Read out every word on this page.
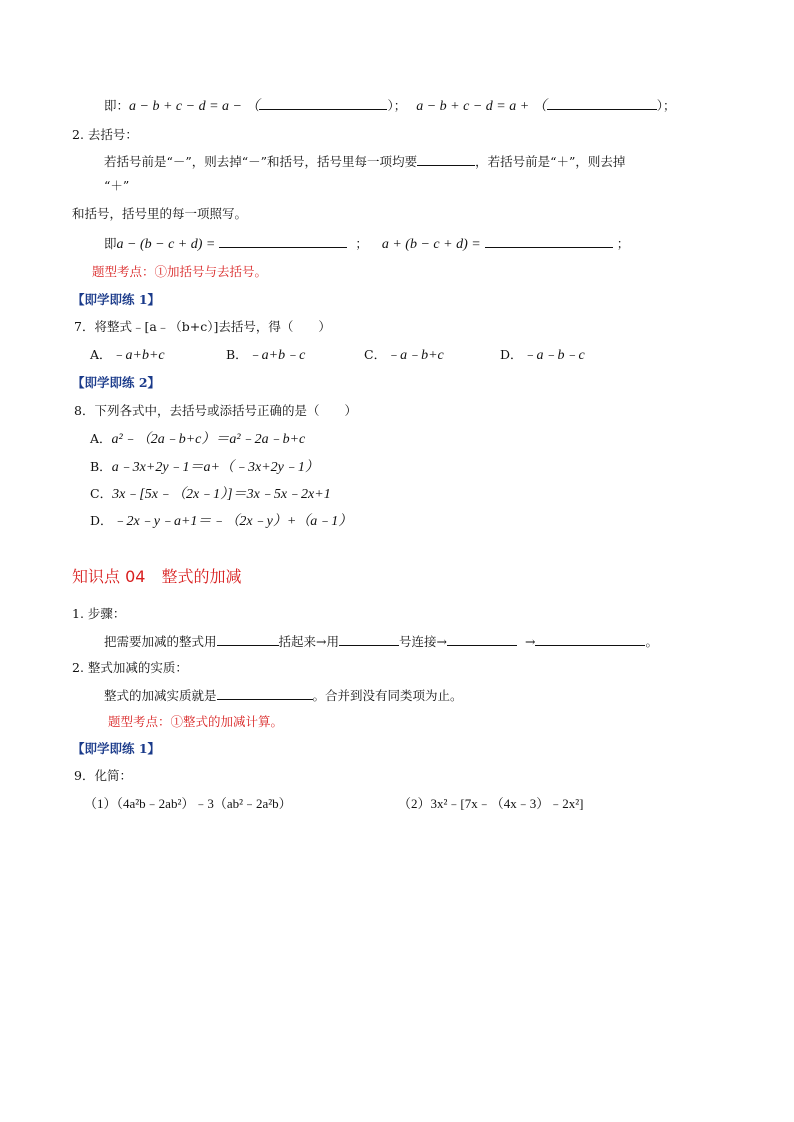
即：a − b + c − d = a − （	）； a − b + c − d = a + （	）；
2. 去括号：
若括号前是“－”，则去掉“－”和括号，括号里每一项均要	，若括号前是“＋”，则去掉
“＋”
和括号，括号里的每一项照写。
即a − (b − c + d) =	； a + (b − c + d) =	；
题型考点：①加括号与去括号。
【即学即练 1】
7．将整式﹣[a﹣（b+c）]去括号，得（　　）
A．﹣a+b+c	B．﹣a+b﹣c	C．﹣a﹣b+c	D．﹣a﹣b﹣c
【即学即练 2】
8．下列各式中，去括号或添括号正确的是（　　）
A．a²﹣（2a﹣b+c）＝a²﹣2a﹣b+c
B．a﹣3x+2y﹣1＝a+（﹣3x+2y﹣1）
C．3x﹣[5x﹣（2x﹣1）]＝3x﹣5x﹣2x+1
D．﹣2x﹣y﹣a+1＝﹣（2x﹣y）+（a﹣1）
知识点 04　整式的加减
1. 步骤：
把需要加减的整式用	括起来→用	号连接→	→	。
2. 整式加减的实质：
整式的加减实质就是	。合并到没有同类项为止。
题型考点：①整式的加减计算。
【即学即练 1】
9．化简：
（1）（4a²b﹣2ab²）﹣3（ab²﹣2a²b）	（2）3x²﹣[7x﹣（4x﹣3）﹣2x²]
